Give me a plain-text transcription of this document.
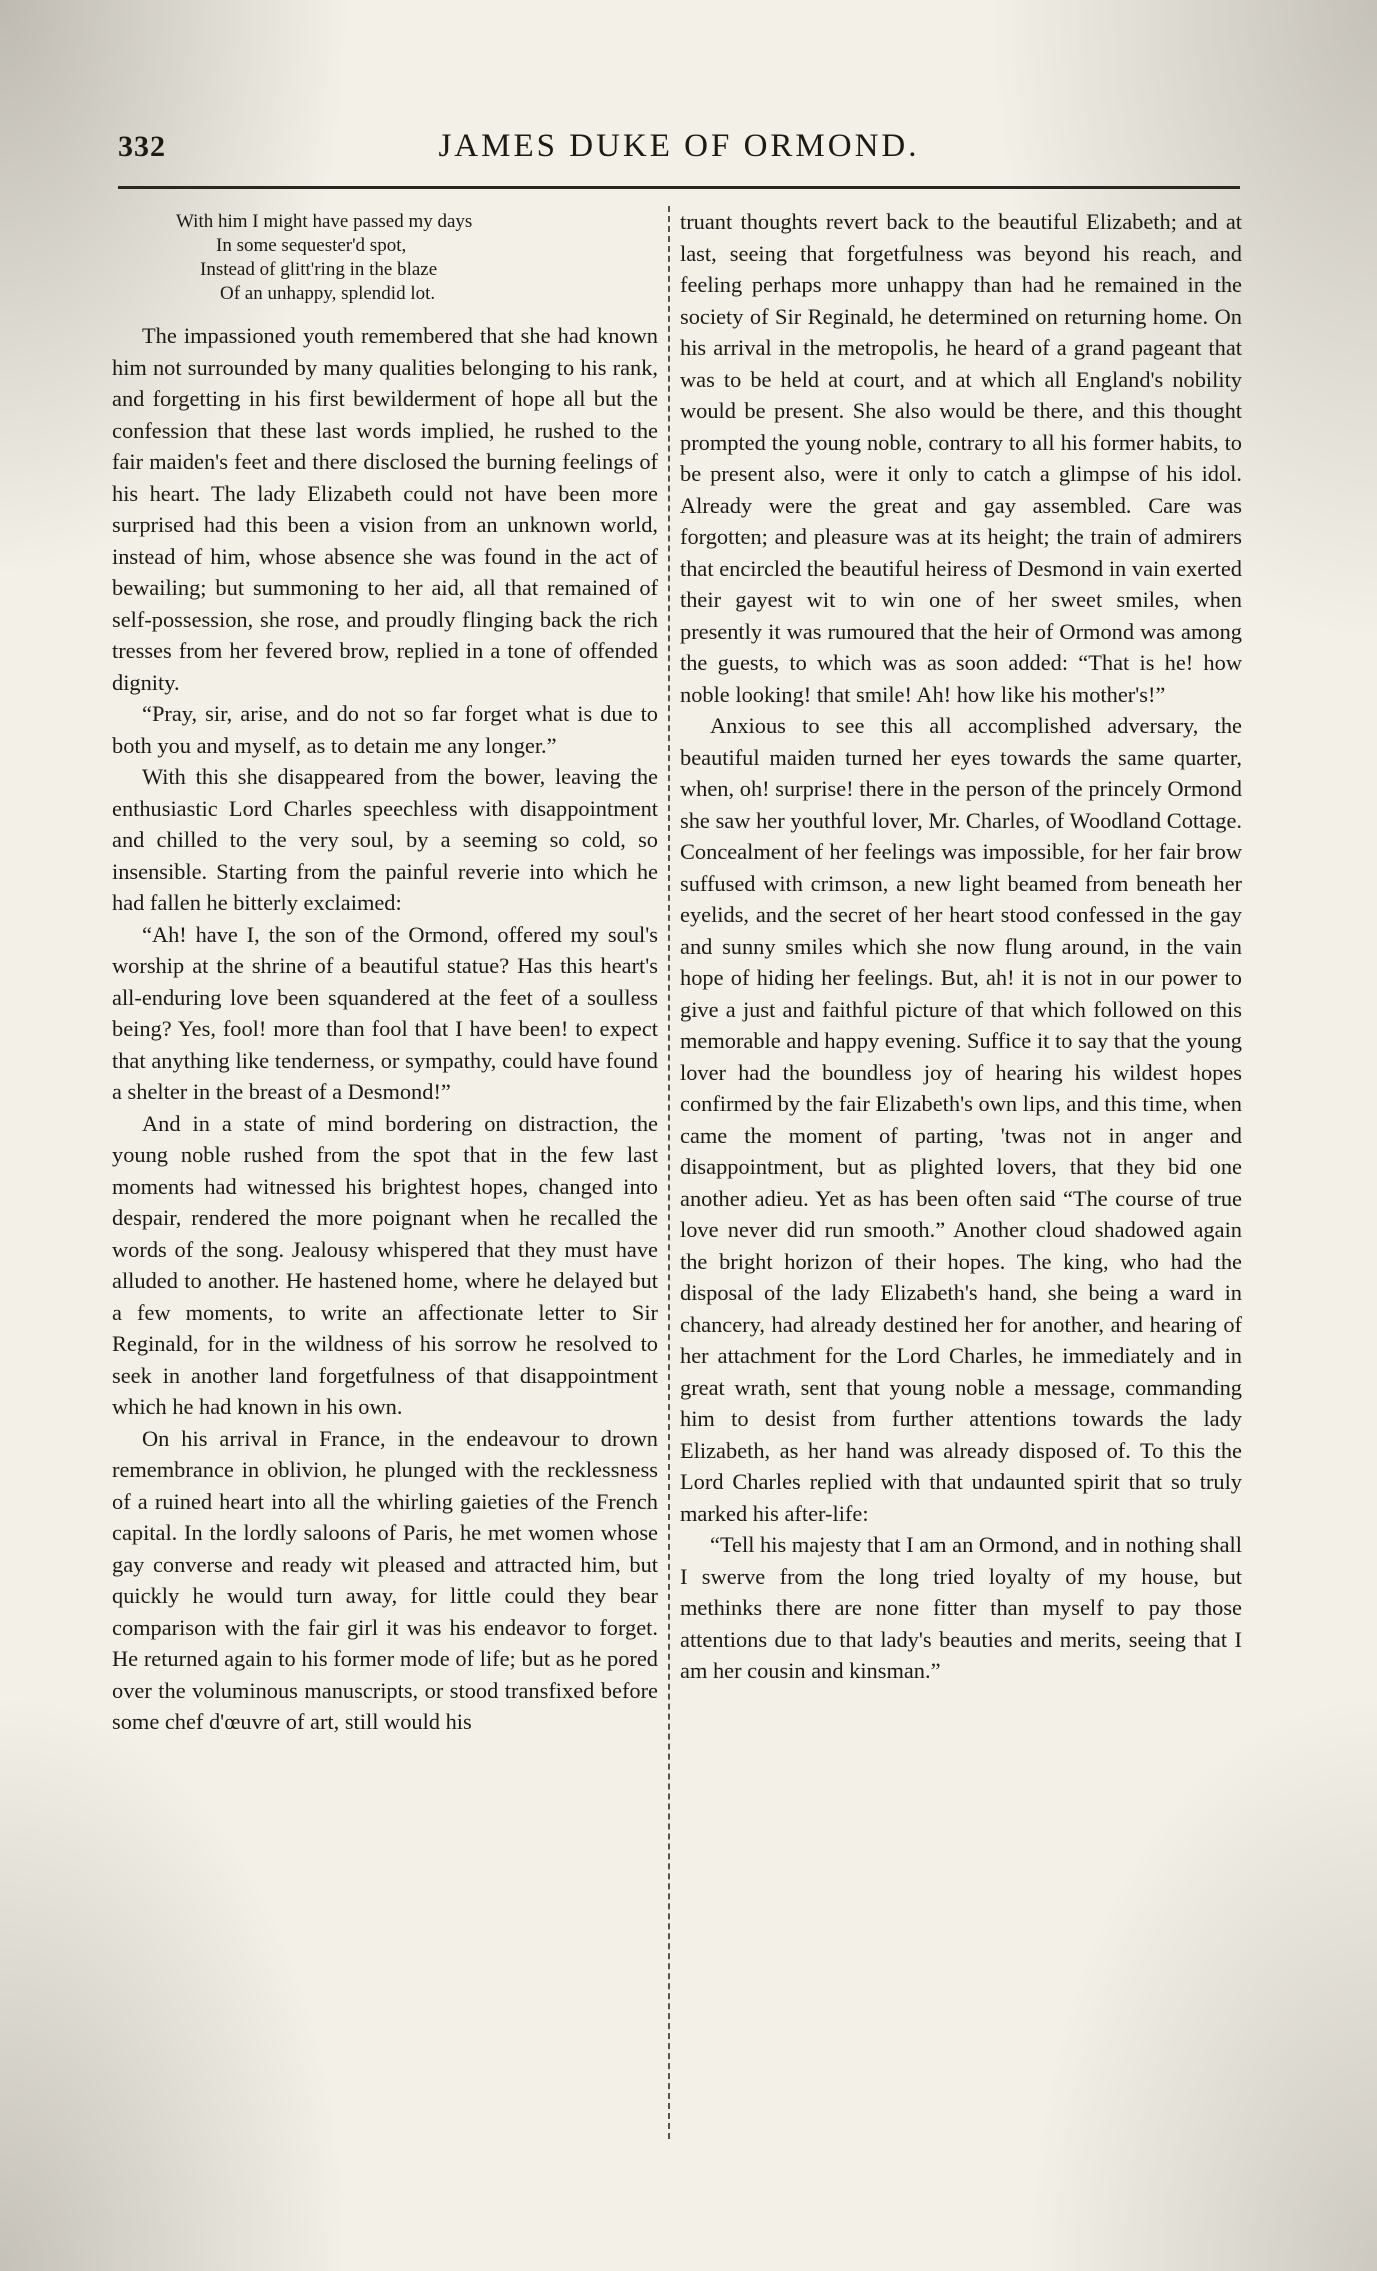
332	JAMES DUKE OF ORMOND.
With him I might have passed my days
In some sequester'd spot,
Instead of glitt'ring in the blaze
Of an unhappy, splendid lot.

The impassioned youth remembered that she had known him not surrounded by many qualities belonging to his rank, and forgetting in his first bewilderment of hope all but the confession that these last words implied, he rushed to the fair maiden's feet and there disclosed the burning feelings of his heart. The lady Elizabeth could not have been more surprised had this been a vision from an unknown world, instead of him, whose absence she was found in the act of bewailing; but summoning to her aid, all that remained of self-possession, she rose, and proudly flinging back the rich tresses from her fevered brow, replied in a tone of offended dignity.

“Pray, sir, arise, and do not so far forget what is due to both you and myself, as to detain me any longer.”

With this she disappeared from the bower, leaving the enthusiastic Lord Charles speechless with disappointment and chilled to the very soul, by a seeming so cold, so insensible. Starting from the painful reverie into which he had fallen he bitterly exclaimed:

“Ah! have I, the son of the Ormond, offered my soul's worship at the shrine of a beautiful statue? Has this heart's all-enduring love been squandered at the feet of a soulless being? Yes, fool! more than fool that I have been! to expect that anything like tenderness, or sympathy, could have found a shelter in the breast of a Desmond!”

And in a state of mind bordering on distraction, the young noble rushed from the spot that in the few last moments had witnessed his brightest hopes, changed into despair, rendered the more poignant when he recalled the words of the song. Jealousy whispered that they must have alluded to another. He hastened home, where he delayed but a few moments, to write an affectionate letter to Sir Reginald, for in the wildness of his sorrow he resolved to seek in another land forgetfulness of that disappointment which he had known in his own.

On his arrival in France, in the endeavour to drown remembrance in oblivion, he plunged with the recklessness of a ruined heart into all the whirling gaieties of the French capital. In the lordly saloons of Paris, he met women whose gay converse and ready wit pleased and attracted him, but quickly he would turn away, for little could they bear comparison with the fair girl it was his endeavor to forget. He returned again to his former mode of life; but as he pored over the voluminous manuscripts, or stood transfixed before some chef d'œuvre of art, still would his

truant thoughts revert back to the beautiful Elizabeth; and at last, seeing that forgetfulness was beyond his reach, and feeling perhaps more unhappy than had he remained in the society of Sir Reginald, he determined on returning home. On his arrival in the metropolis, he heard of a grand pageant that was to be held at court, and at which all England's nobility would be present. She also would be there, and this thought prompted the young noble, contrary to all his former habits, to be present also, were it only to catch a glimpse of his idol. Already were the great and gay assembled. Care was forgotten; and pleasure was at its height; the train of admirers that encircled the beautiful heiress of Desmond in vain exerted their gayest wit to win one of her sweet smiles, when presently it was rumoured that the heir of Ormond was among the guests, to which was as soon added: “That is he! how noble looking! that smile! Ah! how like his mother's!”

Anxious to see this all accomplished adversary, the beautiful maiden turned her eyes towards the same quarter, when, oh! surprise! there in the person of the princely Ormond she saw her youthful lover, Mr. Charles, of Woodland Cottage. Concealment of her feelings was impossible, for her fair brow suffused with crimson, a new light beamed from beneath her eyelids, and the secret of her heart stood confessed in the gay and sunny smiles which she now flung around, in the vain hope of hiding her feelings. But, ah! it is not in our power to give a just and faithful picture of that which followed on this memorable and happy evening. Suffice it to say that the young lover had the boundless joy of hearing his wildest hopes confirmed by the fair Elizabeth's own lips, and this time, when came the moment of parting, 'twas not in anger and disappointment, but as plighted lovers, that they bid one another adieu. Yet as has been often said “The course of true love never did run smooth.” Another cloud shadowed again the bright horizon of their hopes. The king, who had the disposal of the lady Elizabeth's hand, she being a ward in chancery, had already destined her for another, and hearing of her attachment for the Lord Charles, he immediately and in great wrath, sent that young noble a message, commanding him to desist from further attentions towards the lady Elizabeth, as her hand was already disposed of. To this the Lord Charles replied with that undaunted spirit that so truly marked his after-life:

“Tell his majesty that I am an Ormond, and in nothing shall I swerve from the long tried loyalty of my house, but methinks there are none fitter than myself to pay those attentions due to that lady's beauties and merits, seeing that I am her cousin and kinsman.”
